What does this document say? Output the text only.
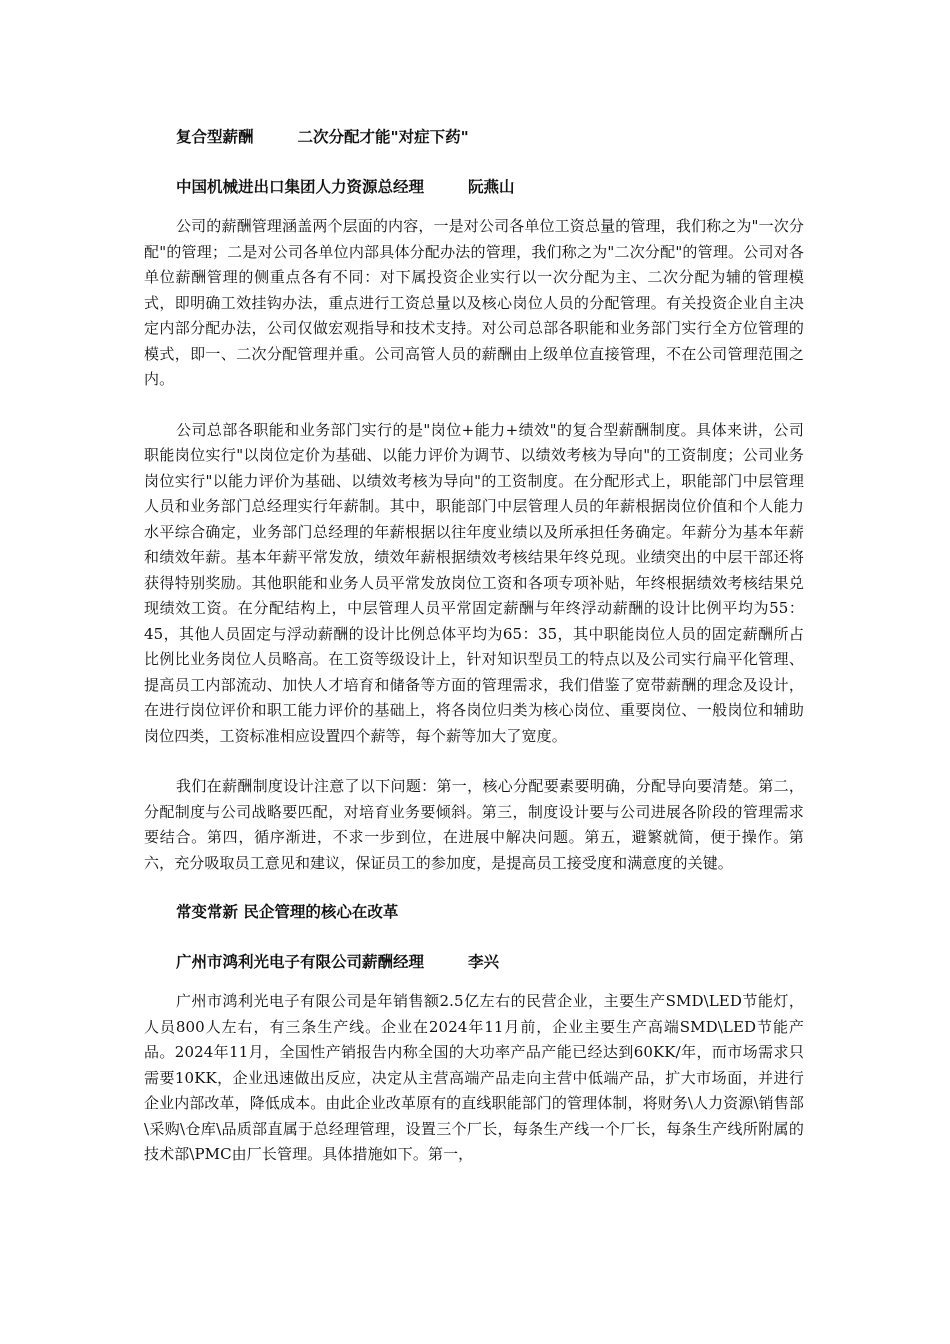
复合型薪酬	二次分配才能"对症下药"

中国机械进出口集团人力资源总经理	阮燕山

公司的薪酬管理涵盖两个层面的内容，一是对公司各单位工资总量的管理，我们称之为"一次分配"的管理；二是对公司各单位内部具体分配办法的管理，我们称之为"二次分配"的管理。公司对各单位薪酬管理的侧重点各有不同：对下属投资企业实行以一次分配为主、二次分配为辅的管理模式，即明确工效挂钩办法，重点进行工资总量以及核心岗位人员的分配管理。有关投资企业自主决定内部分配办法，公司仅做宏观指导和技术支持。对公司总部各职能和业务部门实行全方位管理的模式，即一、二次分配管理并重。公司高管人员的薪酬由上级单位直接管理，不在公司管理范围之内。

公司总部各职能和业务部门实行的是"岗位+能力+绩效"的复合型薪酬制度。具体来讲，公司职能岗位实行"以岗位定价为基础、以能力评价为调节、以绩效考核为导向"的工资制度；公司业务岗位实行"以能力评价为基础、以绩效考核为导向"的工资制度。在分配形式上，职能部门中层管理人员和业务部门总经理实行年薪制。其中，职能部门中层管理人员的年薪根据岗位价值和个人能力水平综合确定，业务部门总经理的年薪根据以往年度业绩以及所承担任务确定。年薪分为基本年薪和绩效年薪。基本年薪平常发放，绩效年薪根据绩效考核结果年终兑现。业绩突出的中层干部还将获得特别奖励。其他职能和业务人员平常发放岗位工资和各项专项补贴，年终根据绩效考核结果兑现绩效工资。在分配结构上，中层管理人员平常固定薪酬与年终浮动薪酬的设计比例平均为55：45，其他人员固定与浮动薪酬的设计比例总体平均为65：35，其中职能岗位人员的固定薪酬所占比例比业务岗位人员略高。在工资等级设计上，针对知识型员工的特点以及公司实行扁平化管理、提高员工内部流动、加快人才培育和储备等方面的管理需求，我们借鉴了宽带薪酬的理念及设计，在进行岗位评价和职工能力评价的基础上，将各岗位归类为核心岗位、重要岗位、一般岗位和辅助岗位四类，工资标准相应设置四个薪等，每个薪等加大了宽度。

我们在薪酬制度设计注意了以下问题：第一，核心分配要素要明确，分配导向要清楚。第二，分配制度与公司战略要匹配，对培育业务要倾斜。第三，制度设计要与公司进展各阶段的管理需求要结合。第四，循序渐进，不求一步到位，在进展中解决问题。第五，避繁就简，便于操作。第六，充分吸取员工意见和建议，保证员工的参加度，是提高员工接受度和满意度的关键。

常变常新 民企管理的核心在改革

广州市鸿利光电子有限公司薪酬经理	李兴

广州市鸿利光电子有限公司是年销售额2.5亿左右的民营企业，主要生产SMD\LED节能灯，人员800人左右，有三条生产线。企业在2024年11月前，企业主要生产高端SMD\LED节能产品。2024年11月，全国性产销报告内称全国的大功率产品产能已经达到60KK/年，而市场需求只需要10KK，企业迅速做出反应，决定从主营高端产品走向主营中低端产品，扩大市场面，并进行企业内部改革，降低成本。由此企业改革原有的直线职能部门的管理体制，将财务\人力资源\销售部\采购\仓库\品质部直属于总经理管理，设置三个厂长，每条生产线一个厂长，每条生产线所附属的技术部\PMC由厂长管理。具体措施如下。第一，
